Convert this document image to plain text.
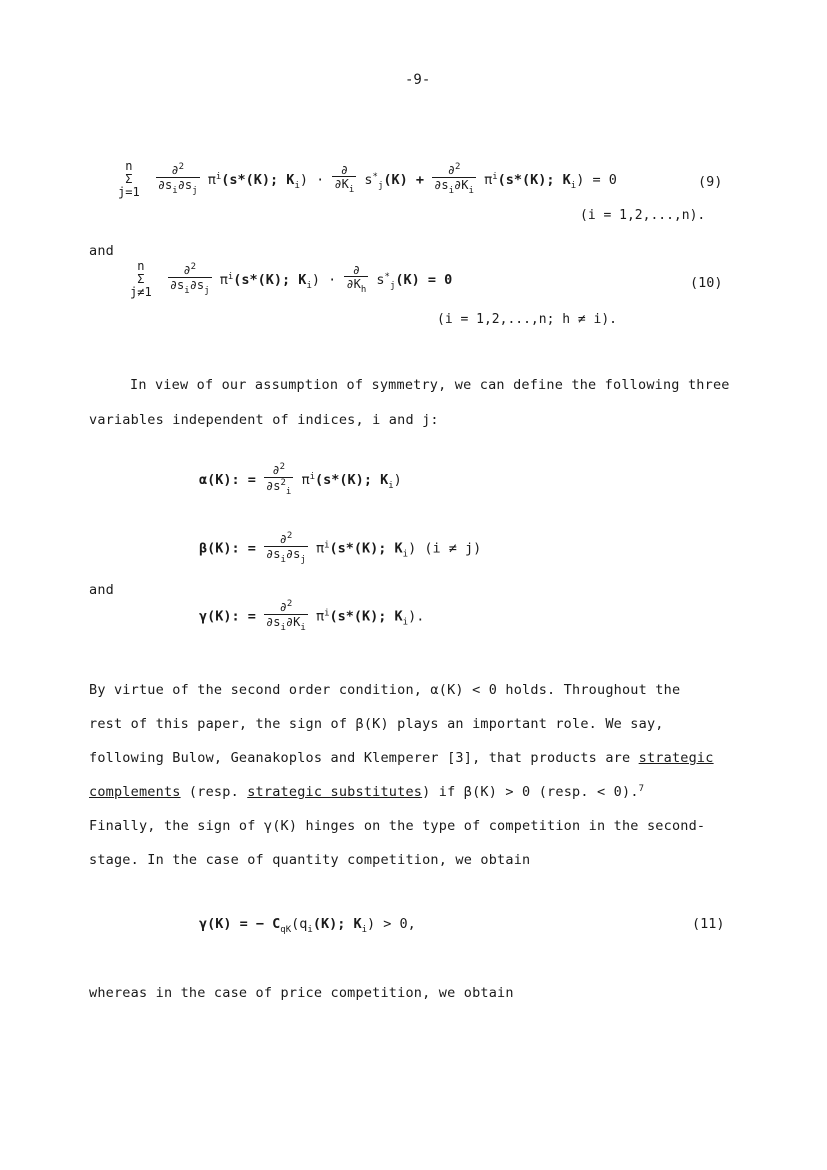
-9-
n
Σ
j=1
$\frac{\partial^2}{\partial s_i\partial s_j} \pi^i(s*(K)$; $K_i) \cdot \frac{\partial}{\partial K_i} s^*_j(K) + \frac{\partial^2}{\partial s_i\partial K_i} \pi^i(s*(K)$; $K_i) = 0$	(9)
(i = 1,2,...,n).
and
n
Σ
j≠1
$\frac{\partial^2}{\partial s_i\partial s_j} \pi^i(s*(K)$; $K_i) \cdot \frac{\partial}{\partial K_h} s^*_j(K) = 0$	(10)
(i = 1,2,...,n; h ≠ i).
In view of our assumption of symmetry, we can define the following three
variables independent of indices, i and j:
α(K): = $\frac{\partial^2}{\partial s^2_i} \pi^i(s*(K)$; $K_i$)
β(K): = $\frac{\partial^2}{\partial s_i\partial s_j} \pi^i(s*(K)$; $K_i$) (i ≠ j)
and
γ(K): = $\frac{\partial^2}{\partial s_i\partial K_i} \pi^i(s*(K)$; $K_i$).
By virtue of the second order condition, α(K) < 0 holds. Throughout the
rest of this paper, the sign of β(K) plays an important role. We say,
following Bulow, Geanakoplos and Klemperer [3], that products are strategic
complements (resp. strategic substitutes) if β(K) > 0 (resp. < 0).$^7$
Finally, the sign of γ(K) hinges on the type of competition in the second-
stage. In the case of quantity competition, we obtain
γ(K) = − $C_{qK}(q_i(K)$; $K_i) > 0$,	(11)
whereas in the case of price competition, we obtain
